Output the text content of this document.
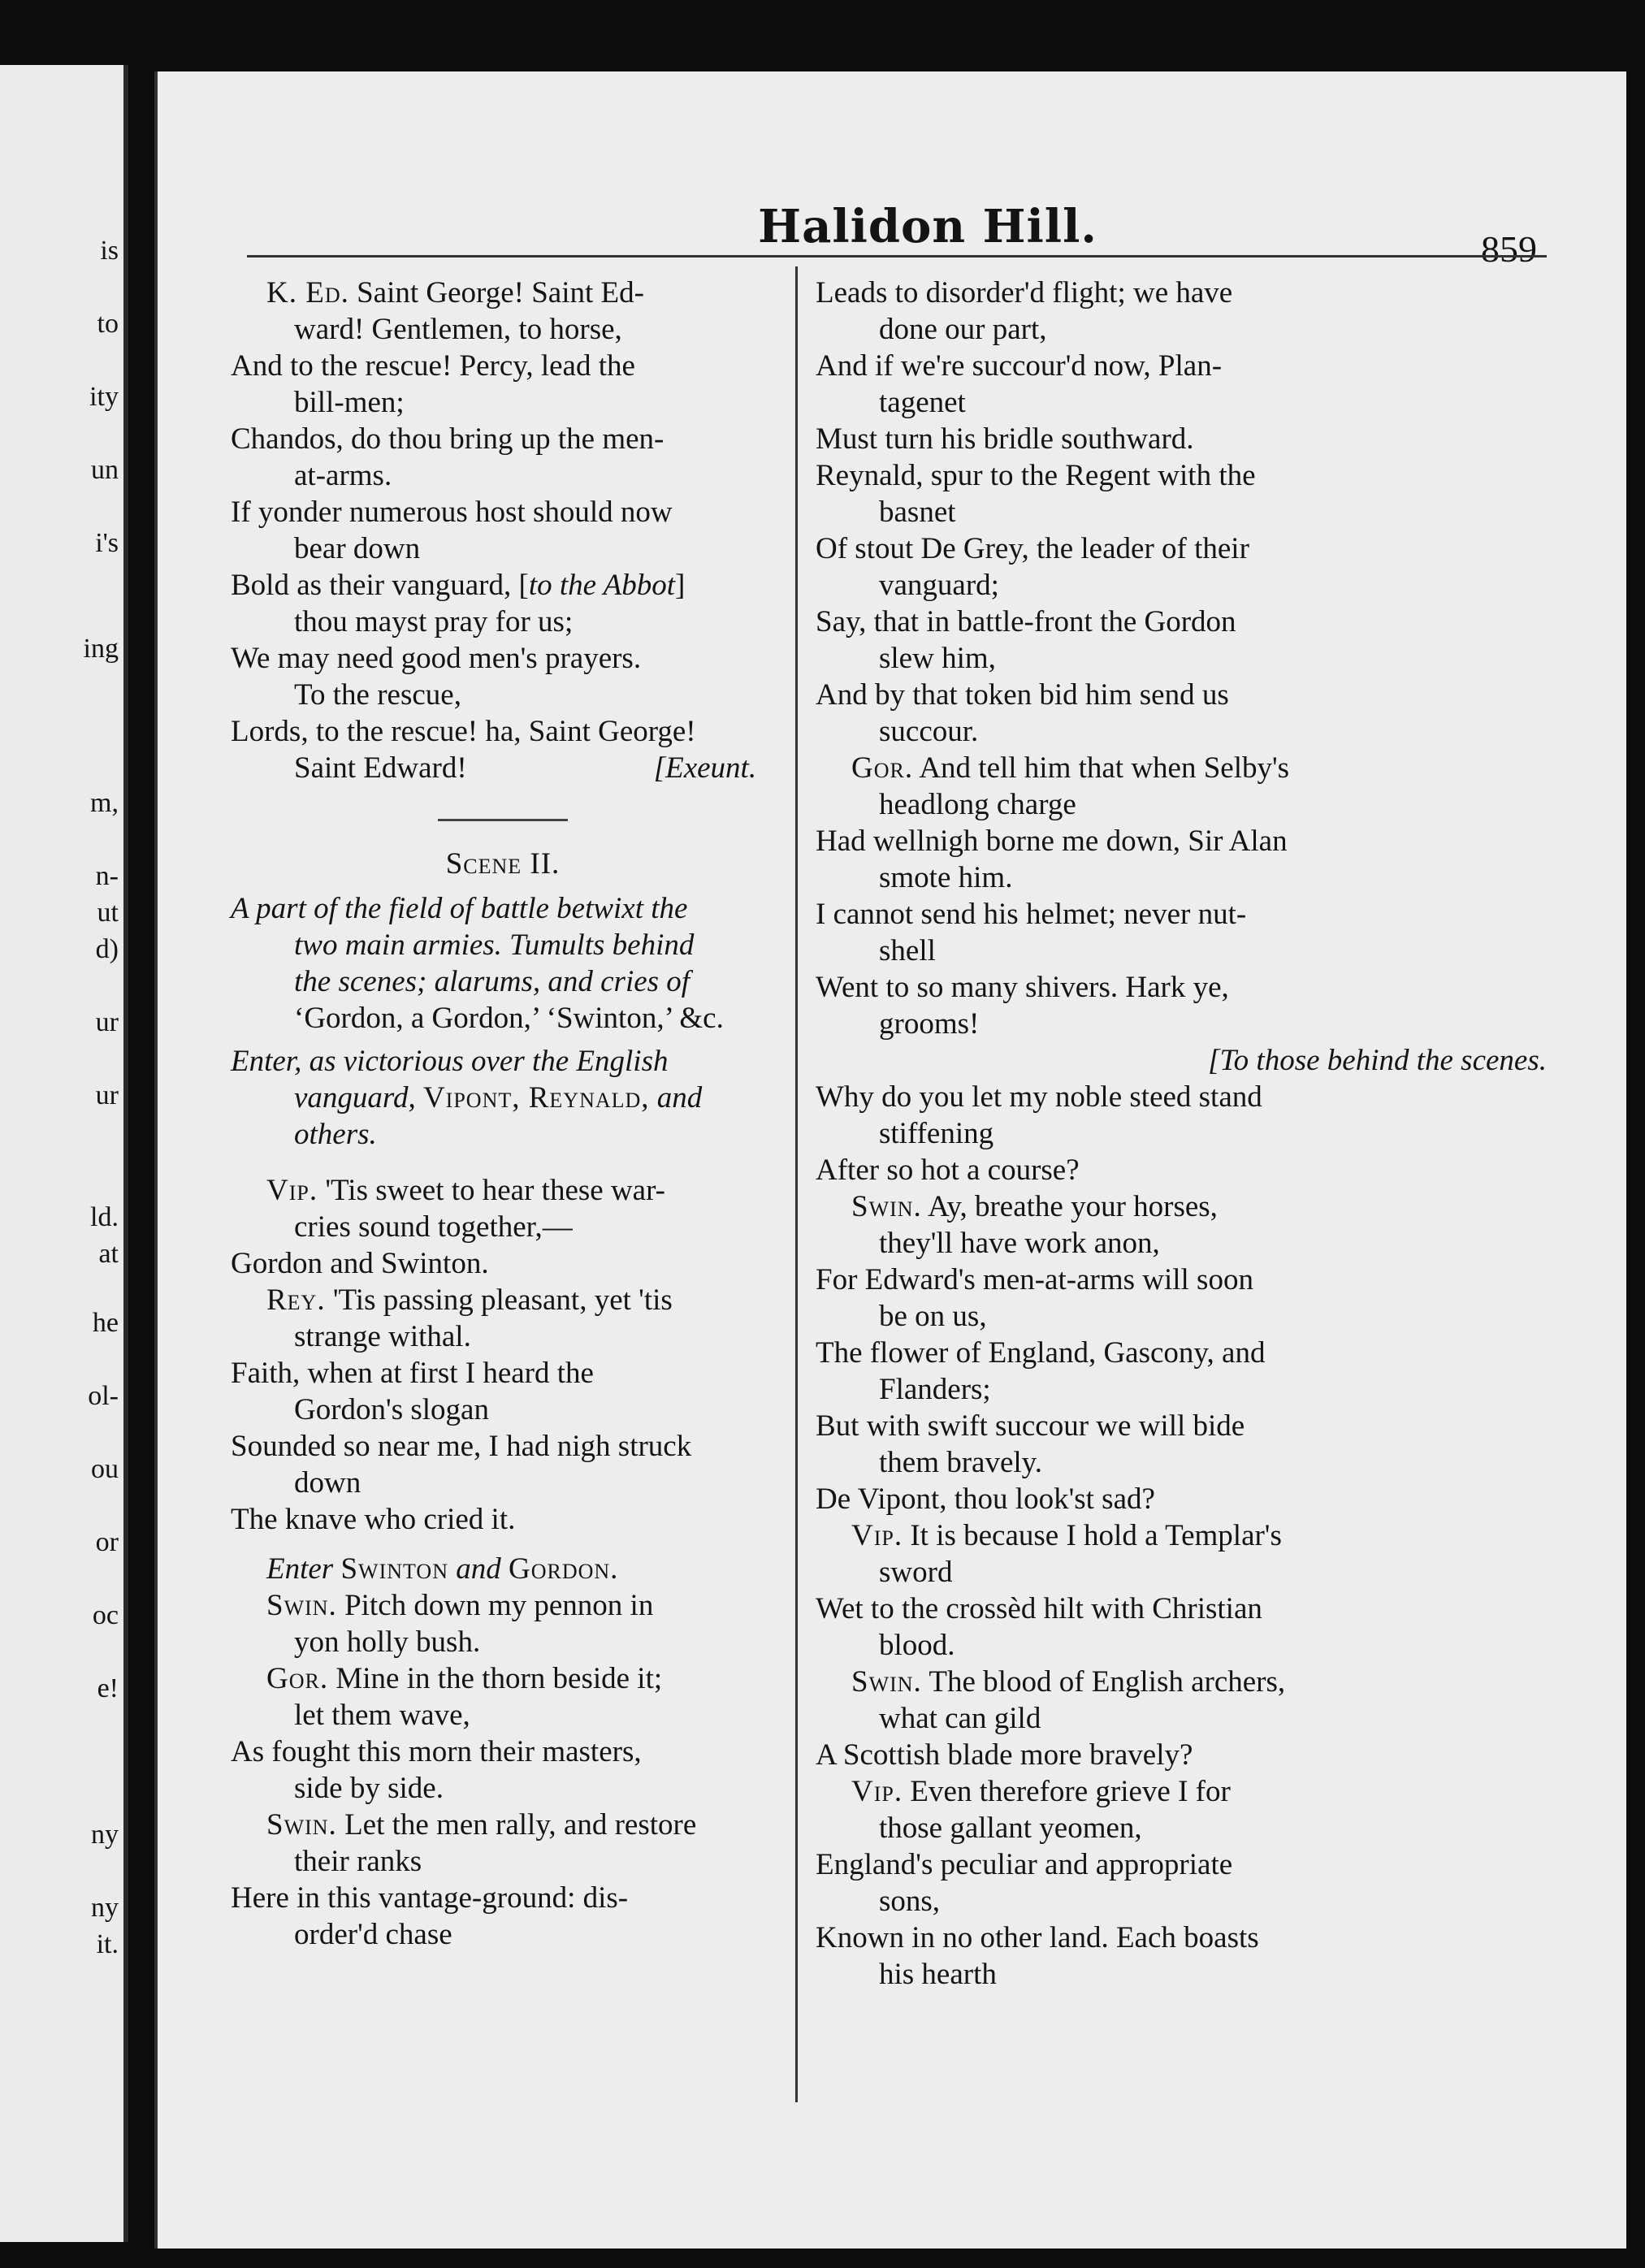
is
to
ity
un
i's
ing
m,
n-
ut
d)
ur
ur
ld.
at
he
ol-
ou
or
oc
e!
ny
ny
it.
Halidon Hill.	859
K. Ed. Saint George! Saint Ed-
ward! Gentlemen, to horse,
And to the rescue! Percy, lead the
bill-men;
Chandos, do thou bring up the men-
at-arms.
If yonder numerous host should now
bear down
Bold as their vanguard, [to the Abbot]
thou mayst pray for us;
We may need good men's prayers.
To the rescue,
Lords, to the rescue! ha, Saint George!
Saint Edward!	[Exeunt.
Scene II.
A part of the field of battle betwixt the
two main armies. Tumults behind
the scenes; alarums, and cries of
‘Gordon, a Gordon,’ ‘Swinton,’ &c.
Enter, as victorious over the English
vanguard, Vipont, Reynald, and
others.
Vip. 'Tis sweet to hear these war-
cries sound together,—
Gordon and Swinton.
Rey. 'Tis passing pleasant, yet 'tis
strange withal.
Faith, when at first I heard the
Gordon's slogan
Sounded so near me, I had nigh struck
down
The knave who cried it.
Enter Swinton and Gordon.
Swin. Pitch down my pennon in
yon holly bush.
Gor. Mine in the thorn beside it;
let them wave,
As fought this morn their masters,
side by side.
Swin. Let the men rally, and restore
their ranks
Here in this vantage-ground: dis-
order'd chase
Leads to disorder'd flight; we have
done our part,
And if we're succour'd now, Plan-
tagenet
Must turn his bridle southward.
Reynald, spur to the Regent with the
basnet
Of stout De Grey, the leader of their
vanguard;
Say, that in battle-front the Gordon
slew him,
And by that token bid him send us
succour.
Gor. And tell him that when Selby's
headlong charge
Had wellnigh borne me down, Sir Alan
smote him.
I cannot send his helmet; never nut-
shell
Went to so many shivers. Hark ye,
grooms!
[To those behind the scenes.
Why do you let my noble steed stand
stiffening
After so hot a course?
Swin. Ay, breathe your horses,
they'll have work anon,
For Edward's men-at-arms will soon
be on us,
The flower of England, Gascony, and
Flanders;
But with swift succour we will bide
them bravely.
De Vipont, thou look'st sad?
Vip. It is because I hold a Templar's
sword
Wet to the crossèd hilt with Christian
blood.
Swin. The blood of English archers,
what can gild
A Scottish blade more bravely?
Vip. Even therefore grieve I for
those gallant yeomen,
England's peculiar and appropriate
sons,
Known in no other land. Each boasts
his hearth
